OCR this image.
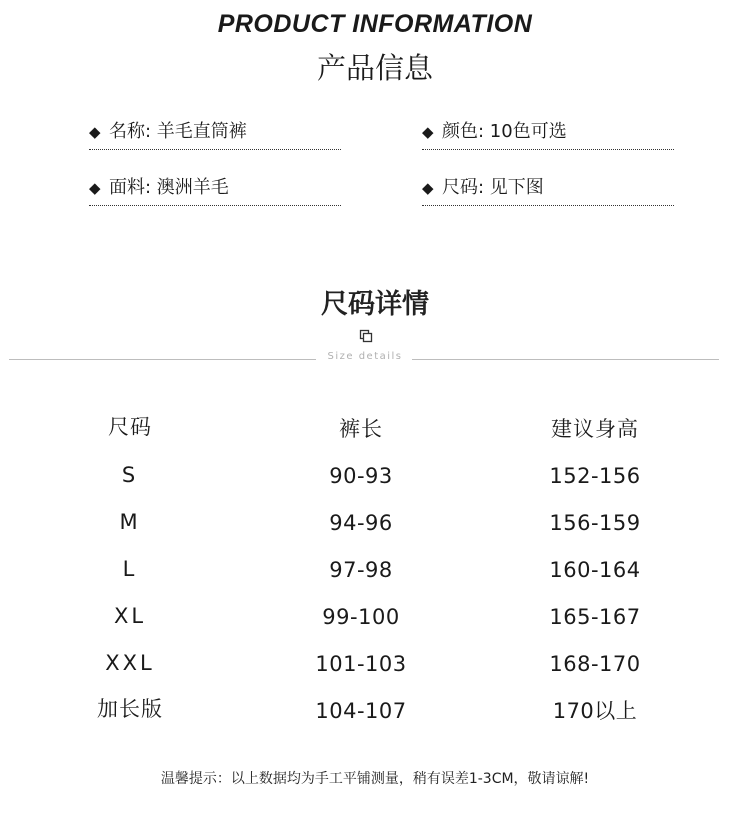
PRODUCT INFORMATION
产品信息
◆ 名称: 羊毛直筒裤	◆ 颜色: 10色可选
◆ 面料: 澳洲羊毛	◆ 尺码: 见下图
尺码详情
Size details
尺码	裤长	建议身高
S	90-93	152-156
M	94-96	156-159
L	97-98	160-164
XL	99-100	165-167
XXL	101-103	168-170
加长版	104-107	170以上
温馨提示：以上数据均为手工平铺测量，稍有误差1-3CM，敬请谅解!
